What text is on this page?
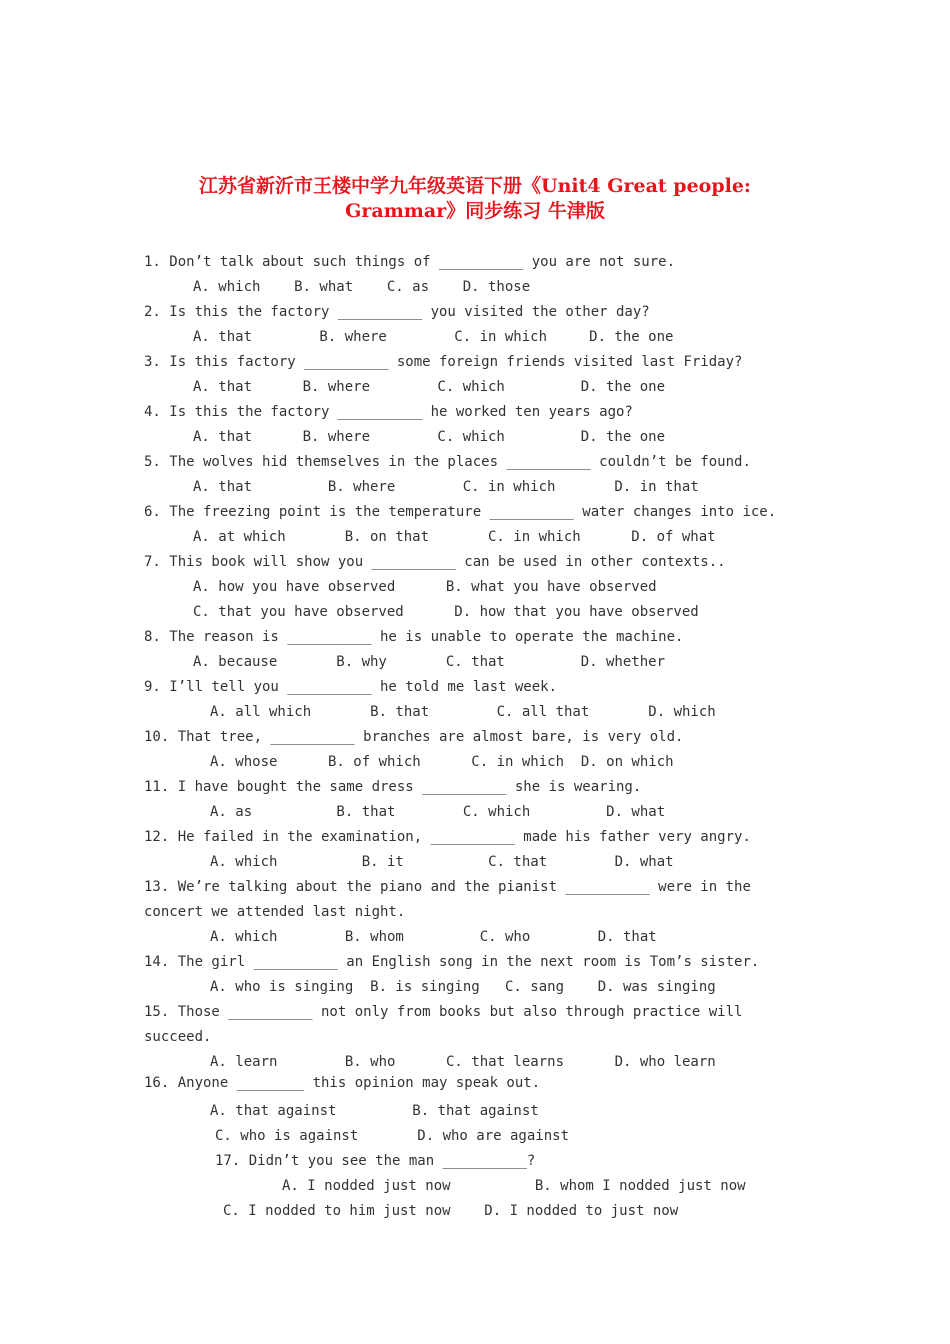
江苏省新沂市王楼中学九年级英语下册《Unit4 Great people:
Grammar》同步练习 牛津版
1. Don’t talk about such things of __________ you are not sure.
A. which    B. what    C. as    D. those
2. Is this the factory __________ you visited the other day?
A. that        B. where        C. in which     D. the one
3. Is this factory __________ some foreign friends visited last Friday?
A. that      B. where        C. which         D. the one
4. Is this the factory __________ he worked ten years ago?
A. that      B. where        C. which         D. the one
5. The wolves hid themselves in the places __________ couldn’t be found.
A. that         B. where        C. in which       D. in that
6. The freezing point is the temperature __________ water changes into ice.
A. at which       B. on that       C. in which      D. of what
7. This book will show you __________ can be used in other contexts..
A. how you have observed      B. what you have observed
C. that you have observed      D. how that you have observed
8. The reason is __________ he is unable to operate the machine.
A. because       B. why       C. that         D. whether
9. I’ll tell you __________ he told me last week.
A. all which       B. that        C. all that       D. which
10. That tree, __________ branches are almost bare, is very old.
A. whose      B. of which      C. in which  D. on which
11. I have bought the same dress __________ she is wearing.
A. as          B. that        C. which         D. what
12. He failed in the examination, __________ made his father very angry.
A. which          B. it          C. that        D. what
13. We’re talking about the piano and the pianist __________ were in the
concert we attended last night.
A. which        B. whom         C. who        D. that
14. The girl __________ an English song in the next room is Tom’s sister.
A. who is singing  B. is singing   C. sang    D. was singing
15. Those __________ not only from books but also through practice will
succeed.
A. learn        B. who      C. that learns      D. who learn
16. Anyone ________ this opinion may speak out.
A. that against         B. that against
C. who is against       D. who are against
17. Didn’t you see the man __________?
A. I nodded just now          B. whom I nodded just now
C. I nodded to him just now    D. I nodded to just now
